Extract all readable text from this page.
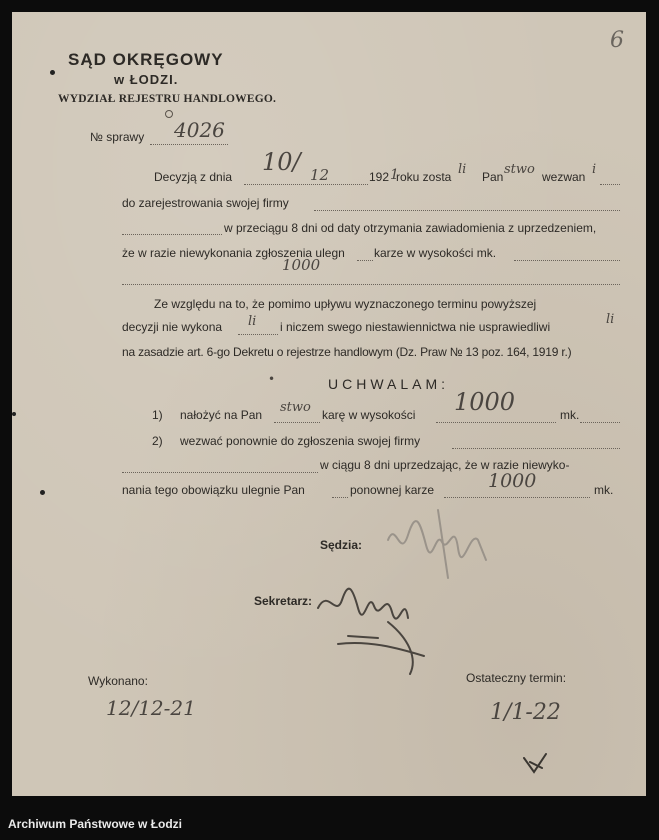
6
SĄD OKRĘGOWY
w ŁODZI.
WYDZIAŁ REJESTRU HANDLOWEGO.
№ sprawy 4026
Decyzją z dnia
10/ 12	192 1
roku zosta li Pan stwo wezwan i
do zarejestrowania swojej firmy
w przeciągu 8 dni od daty otrzymania zawiadomienia z uprzedzeniem,
że w razie niewykonania zgłoszenia ulegn karze w wysokości mk.
1000
Ze względu na to, że pomimo upływu wyznaczonego terminu powyższej
decyzji nie wykona li i niczem swego niestawiennictwa nie usprawiedliwi	li
na zasadzie art. 6-go Dekretu o rejestrze handlowym (Dz. Praw № 13 poz. 164, 1919 r.)
•	UCHWALAM:
1) nałożyć na Pan stwo karę w wysokości 1000	mk.
2) wezwać ponownie do zgłoszenia swojej firmy
w ciągu 8 dni uprzedzając, że w razie niewyko-
nania tego obowiązku ulegnie Pan	ponownej karze	1000	mk.
Sędzia:
Sekretarz:
Wykonano:
12/12-21
Ostateczny termin:
1/1-22
Archiwum Państwowe w Łodzi
